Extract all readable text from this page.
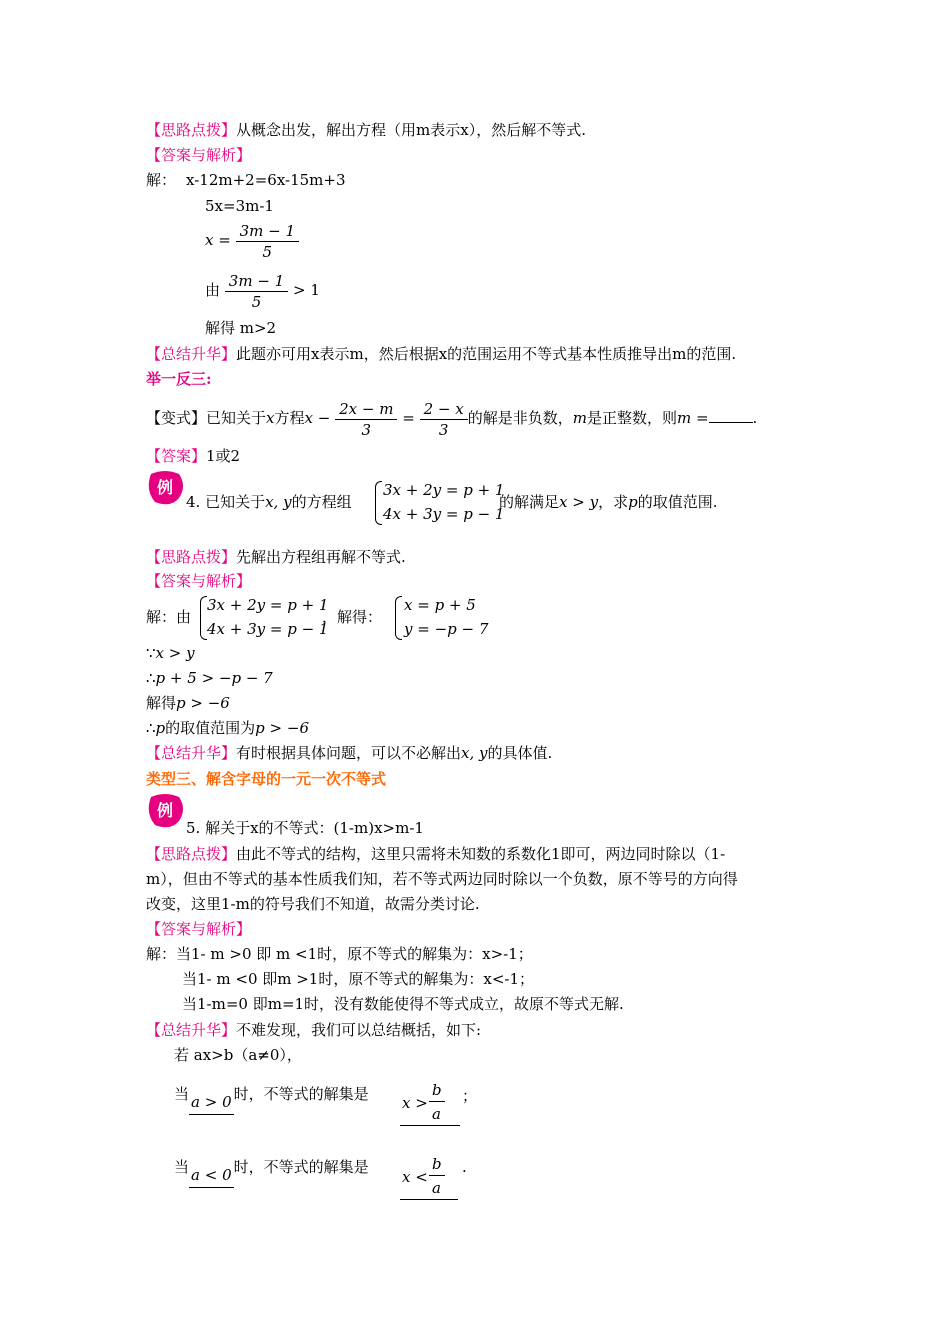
【思路点拨】从概念出发，解出方程（用m表示x），然后解不等式.
【答案与解析】
解： x-12m+2=6x-15m+3
5x=3m-1
$x = \frac{3m - 1}{5}$
由 $\frac{3m - 1}{5} > 1$
解得 m>2
【总结升华】此题亦可用x表示m，然后根据x的范围运用不等式基本性质推导出m的范围.
举一反三:
【变式】已知关于x方程$x - \frac{2x - m}{3} = \frac{2 - x}{3}$ 的解是非负数，m是正整数，则m =	.
【答案】1或2
例
4. 已知关于x, y的方程组
3x + 2y = p + 1
4x + 3y = p − 1
的解满足x > y，求p的取值范围.
【思路点拨】先解出方程组再解不等式.
【答案与解析】
解：由
3x + 2y = p + 1
4x + 3y = p − 1
，解得：
x = p + 5
y = −p − 7
∵x > y
∴p + 5 > −p − 7
解得p > −6
∴p的取值范围为p > −6
【总结升华】有时根据具体问题，可以不必解出x, y的具体值.
类型三、解含字母的一元一次不等式
例
5. 解关于x的不等式：(1-m)x>m-1
【思路点拨】由此不等式的结构，这里只需将未知数的系数化1即可，两边同时除以（1-
m），但由不等式的基本性质我们知，若不等式两边同时除以一个负数，原不等号的方向得
改变，这里1-m的符号我们不知道，故需分类讨论.
【答案与解析】
解：当1- m >0 即 m <1时，原不等式的解集为：x>-1；
当1- m <0 即m >1时，原不等式的解集为：x<-1；
当1-m=0 即m=1时，没有数能使得不等式成立，故原不等式无解.
【总结升华】不难发现，我们可以总结概括，如下:
若 ax>b（a≠0），
当 a > 0 时，不等式的解集是 x >
b
a
；
当 a < 0 时，不等式的解集是
x <
b
a
.
